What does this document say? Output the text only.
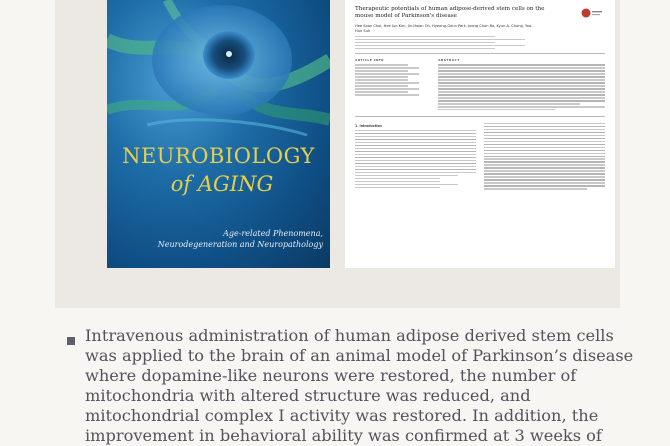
NEUROBIOLOGY
of AGING
Age-related Phenomena,
Neurodegeneration and Neuropathology
Therapeutic potentials of human adipose-derived stem cells on the mouse model of Parkinson's disease
Hee Soon Choi, Hee Jun Kim, Jin-Hwan Oh, Hyeong-Geun Park, Jeong Chan Ra, Kyun-A. Chang, Yoo-Hun Suh
ARTICLE INFO	ABSTRACT
1. Introduction
Intravenous administration of human adipose derived stem cells was applied to the brain of an animal model of Parkinson’s disease where dopamine-like neurons were restored, the number of mitochondria with altered structure was reduced, and mitochondrial complex I activity was restored. In addition, the improvement in behavioral ability was confirmed at 3 weeks of
